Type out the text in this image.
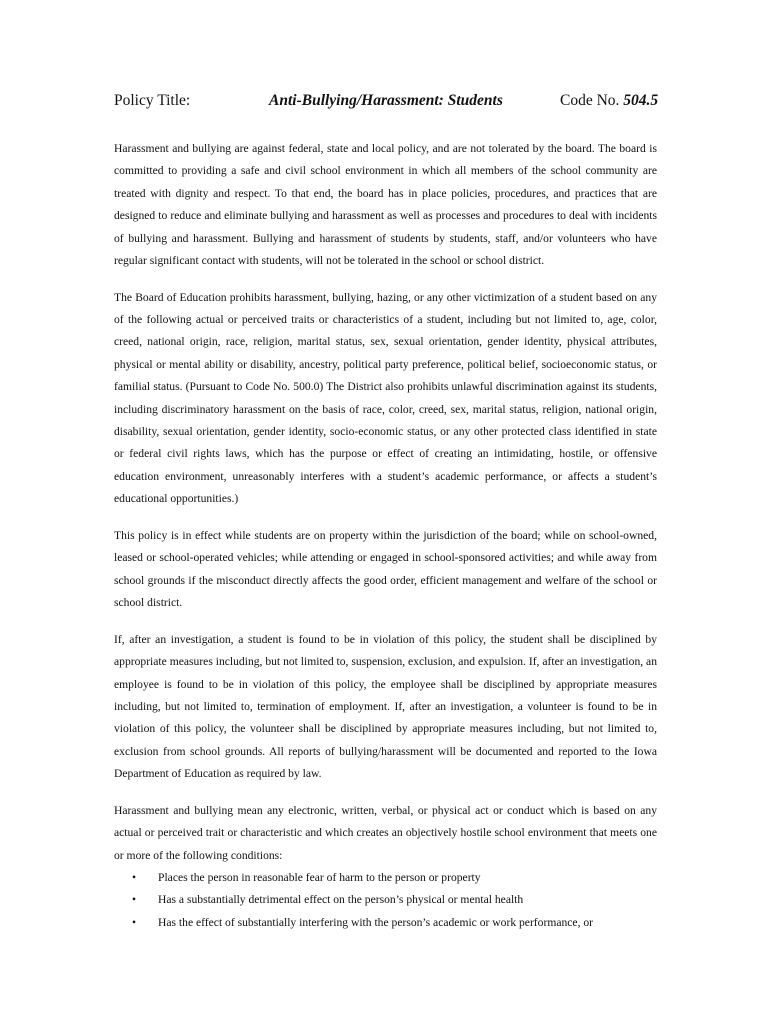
Policy Title:	Anti-Bullying/Harassment: Students	Code No. 504.5

Harassment and bullying are against federal, state and local policy, and are not tolerated by the board. The board is committed to providing a safe and civil school environment in which all members of the school community are treated with dignity and respect. To that end, the board has in place policies, procedures, and practices that are designed to reduce and eliminate bullying and harassment as well as processes and procedures to deal with incidents of bullying and harassment. Bullying and harassment of students by students, staff, and/or volunteers who have regular significant contact with students, will not be tolerated in the school or school district.

The Board of Education prohibits harassment, bullying, hazing, or any other victimization of a student based on any of the following actual or perceived traits or characteristics of a student, including but not limited to, age, color, creed, national origin, race, religion, marital status, sex, sexual orientation, gender identity, physical attributes, physical or mental ability or disability, ancestry, political party preference, political belief, socioeconomic status, or familial status. (Pursuant to Code No. 500.0) The District also prohibits unlawful discrimination against its students, including discriminatory harassment on the basis of race, color, creed, sex, marital status, religion, national origin, disability, sexual orientation, gender identity, socio-economic status, or any other protected class identified in state or federal civil rights laws, which has the purpose or effect of creating an intimidating, hostile, or offensive education environment, unreasonably interferes with a student’s academic performance, or affects a student’s educational opportunities.)

This policy is in effect while students are on property within the jurisdiction of the board; while on school-owned, leased or school-operated vehicles; while attending or engaged in school-sponsored activities; and while away from school grounds if the misconduct directly affects the good order, efficient management and welfare of the school or school district.

If, after an investigation, a student is found to be in violation of this policy, the student shall be disciplined by appropriate measures including, but not limited to, suspension, exclusion, and expulsion. If, after an investigation, an employee is found to be in violation of this policy, the employee shall be disciplined by appropriate measures including, but not limited to, termination of employment. If, after an investigation, a volunteer is found to be in violation of this policy, the volunteer shall be disciplined by appropriate measures including, but not limited to, exclusion from school grounds. All reports of bullying/harassment will be documented and reported to the Iowa Department of Education as required by law.

Harassment and bullying mean any electronic, written, verbal, or physical act or conduct which is based on any actual or perceived trait or characteristic and which creates an objectively hostile school environment that meets one or more of the following conditions:

• Places the person in reasonable fear of harm to the person or property
• Has a substantially detrimental effect on the person’s physical or mental health
• Has the effect of substantially interfering with the person’s academic or work performance, or
